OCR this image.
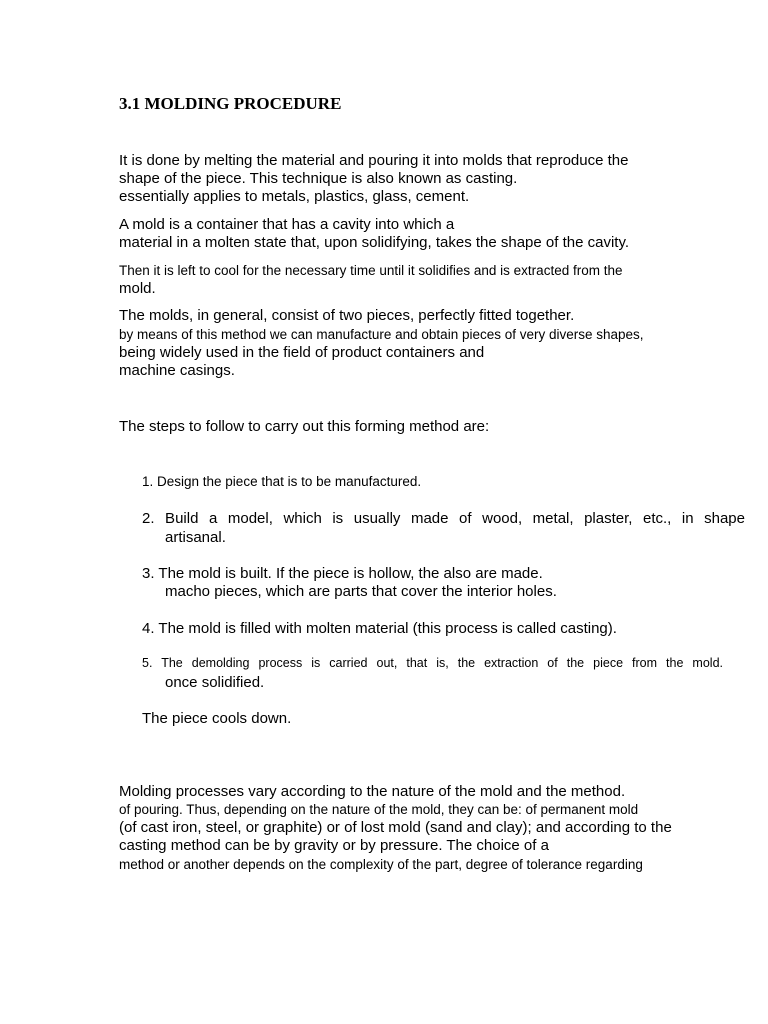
3.1 MOLDING PROCEDURE
It is done by melting the material and pouring it into molds that reproduce the
shape of the piece. This technique is also known as casting.
essentially applies to metals, plastics, glass, cement.
A mold is a container that has a cavity into which a
material in a molten state that, upon solidifying, takes the shape of the cavity.
Then it is left to cool for the necessary time until it solidifies and is extracted from the
mold.
The molds, in general, consist of two pieces, perfectly fitted together.
by means of this method we can manufacture and obtain pieces of very diverse shapes,
being widely used in the field of product containers and
machine casings.
The steps to follow to carry out this forming method are:
1. Design the piece that is to be manufactured.
2. Build a model, which is usually made of wood, metal, plaster, etc., in shape
artisanal.
3. The mold is built. If the piece is hollow, the also are made.
macho pieces, which are parts that cover the interior holes.
4. The mold is filled with molten material (this process is called casting).
5. The demolding process is carried out, that is, the extraction of the piece from the mold.
once solidified.
The piece cools down.
Molding processes vary according to the nature of the mold and the method.
of pouring. Thus, depending on the nature of the mold, they can be: of permanent mold
(of cast iron, steel, or graphite) or of lost mold (sand and clay); and according to the
casting method can be by gravity or by pressure. The choice of a
method or another depends on the complexity of the part, degree of tolerance regarding
